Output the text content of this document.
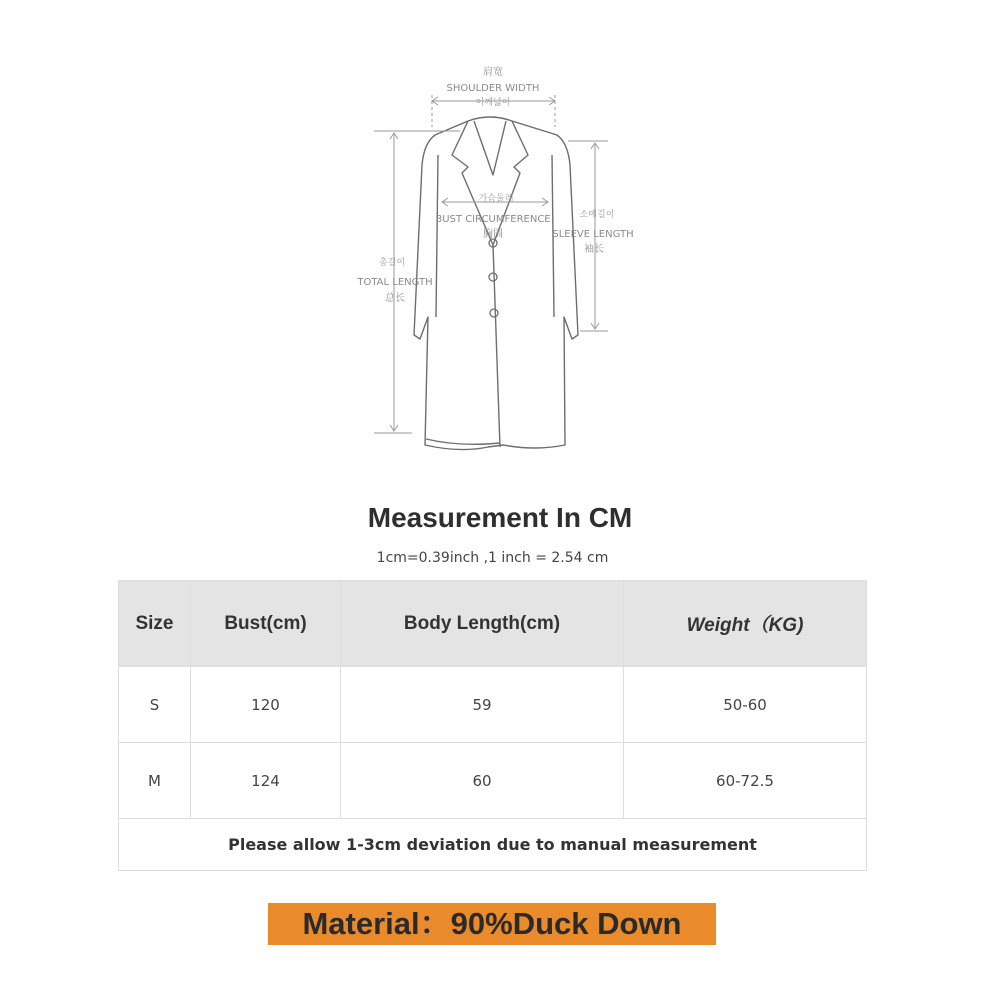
肩宽
SHOULDER WIDTH
어깨넓이
가슴둘레
BUST CIRCUMFERENCE
胸围
소매길이
SLEEVE LENGTH
袖长
총길이
TOTAL LENGTH
总长
Measurement In CM
1cm=0.39inch ,1 inch = 2.54 cm
Size	Bust(cm)	Body Length(cm)	Weight（KG)
S	120	59	50-60
M	124	60	60-72.5
Please allow 1-3cm deviation due to manual measurement			
Material：90%Duck Down
